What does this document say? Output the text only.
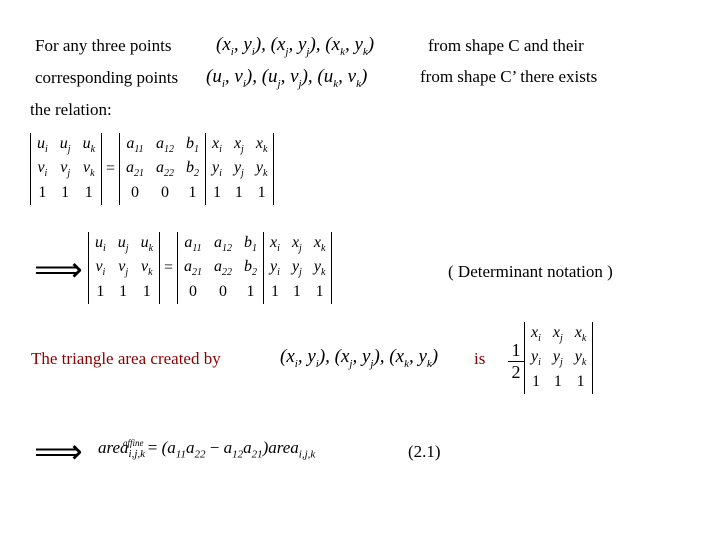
For any three points ($x_i$, $y_i$), ($x_j$, $y_j$), ($x_k$, $y_k$)	from shape C and their
corresponding points ($u_i$, $v_i$), ($u_j$, $v_j$), ($u_k$, $v_k$)	from shape C’ there exists
the relation:
$u_i$	$u_j$	$u_k$	=	$a_{11}$	$a_{12}$	$b_1$	$x_i$	$x_j$	$x_k$
$v_i$	$v_j$	$v_k$		$a_{21}$	$a_{22}$	$b_2$	$y_i$	$y_j$	$y_k$
1	1	1		0	0	1	1	1	1
⟹
$u_i$	$u_j$	$u_k$	=	$a_{11}$	$a_{12}$	$b_1$	$x_i$	$x_j$	$x_k$
$v_i$	$v_j$	$v_k$		$a_{21}$	$a_{22}$	$b_2$	$y_i$	$y_j$	$y_k$
1	1	1		0	0	1	1	1	1
( Determinant notation )
The triangle area created by	($x_i$, $y_i$), ($x_j$, $y_j$), ($x_k$, $y_k$) is $\frac{1}{2}$
$x_i$	$x_j$	$x_k$
$y_i$	$y_j$	$y_k$
1	1	1
⟹ area$_{i,j,k}^{affine}$ = ($a_{11}a_{22}$ − $a_{12}a_{21})area_{i,j,k}$	(2.1)
